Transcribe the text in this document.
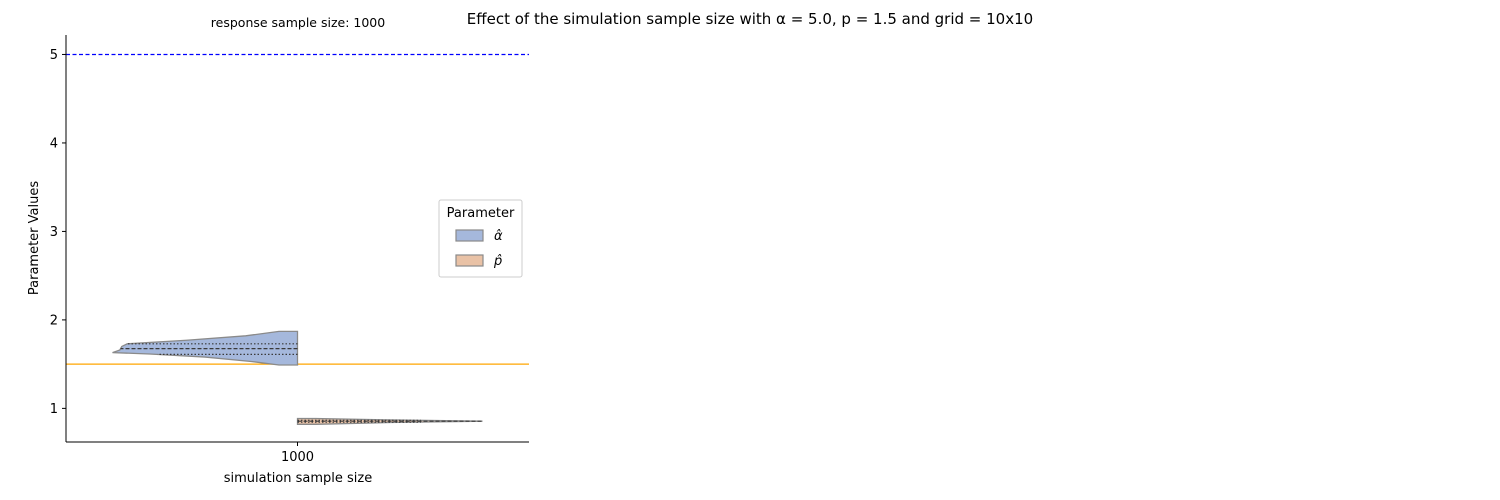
Effect of the simulation sample size with α = 5.0, p = 1.5 and grid = 10x10
response sample size: 1000
1
2
3
4
5
1000
simulation sample size
Parameter Values	Parameter
α̂
p̂
